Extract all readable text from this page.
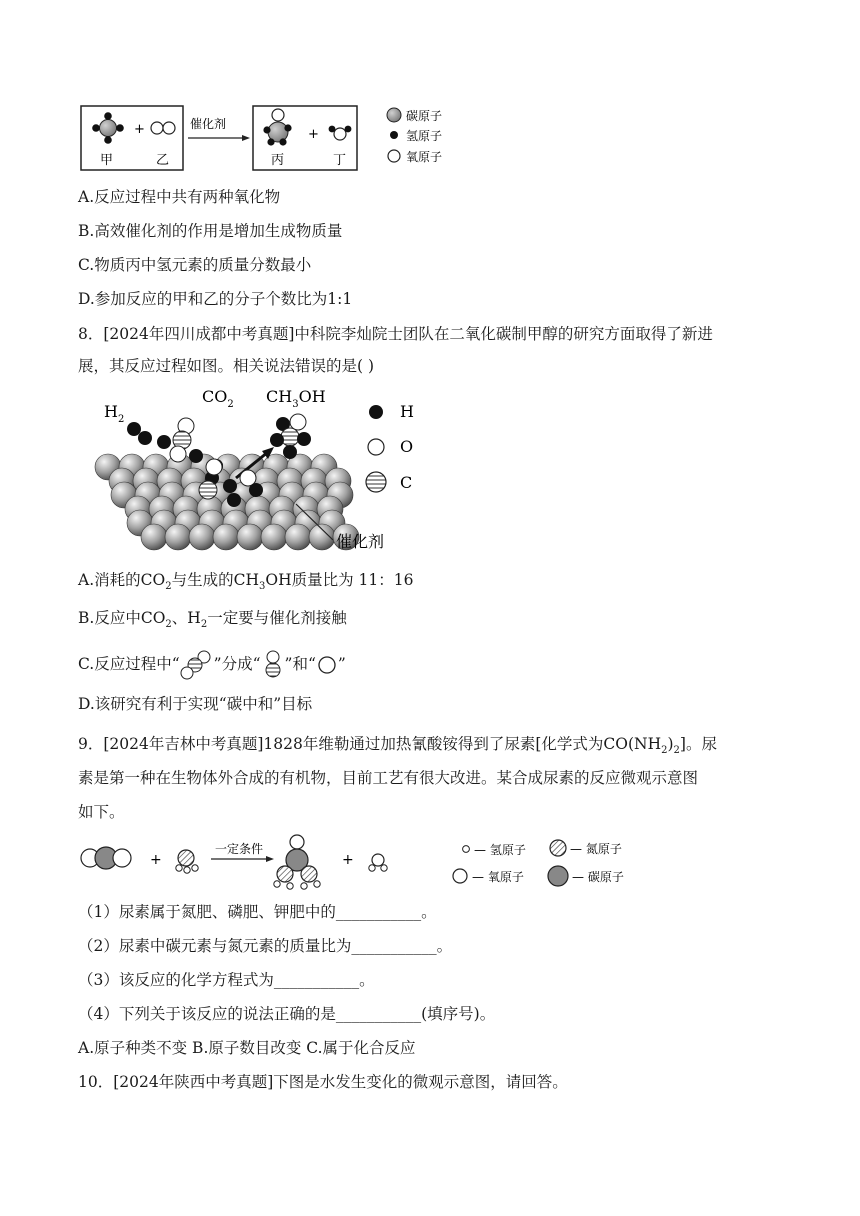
+
甲	乙
催化剂
+
丙	丁
碳原子
氢原子
氧原子
A.反应过程中共有两种氧化物
B.高效催化剂的作用是增加生成物质量
C.物质丙中氢元素的质量分数最小
D.参加反应的甲和乙的分子个数比为1:1
8．[2024年四川成都中考真题]中科院李灿院士团队在二氧化碳制甲醇的研究方面取得了新进
展，其反应过程如图。相关说法错误的是( )
$H_2$
$CO_2$ $CH_3OH$
催化剂
H
O
C
A.消耗的$CO_2$与生成的$CH_3OH$质量比为 11：16
B.反应中$CO_2$、$H_2$一定要与催化剂接触
C.反应过程中“ ”分成“ ”和“ ”
D.该研究有利于实现“碳中和”目标
9．[2024年吉林中考真题]1828年维勒通过加热氰酸铵得到了尿素[化学式为$CO(NH_2)_2$]。尿
素是第一种在生物体外合成的有机物，目前工艺有很大改进。某合成尿素的反应微观示意图
如下。
+
一定条件
+
— 氢原子	— 氮原子
— 氧原子	— 碳原子
（1）尿素属于氮肥、磷肥、钾肥中的___________。
（2）尿素中碳元素与氮元素的质量比为___________。
（3）该反应的化学方程式为___________。
（4）下列关于该反应的说法正确的是___________(填序号)。
A.原子种类不变 B.原子数目改变 C.属于化合反应
10．[2024年陕西中考真题]下图是水发生变化的微观示意图，请回答。
